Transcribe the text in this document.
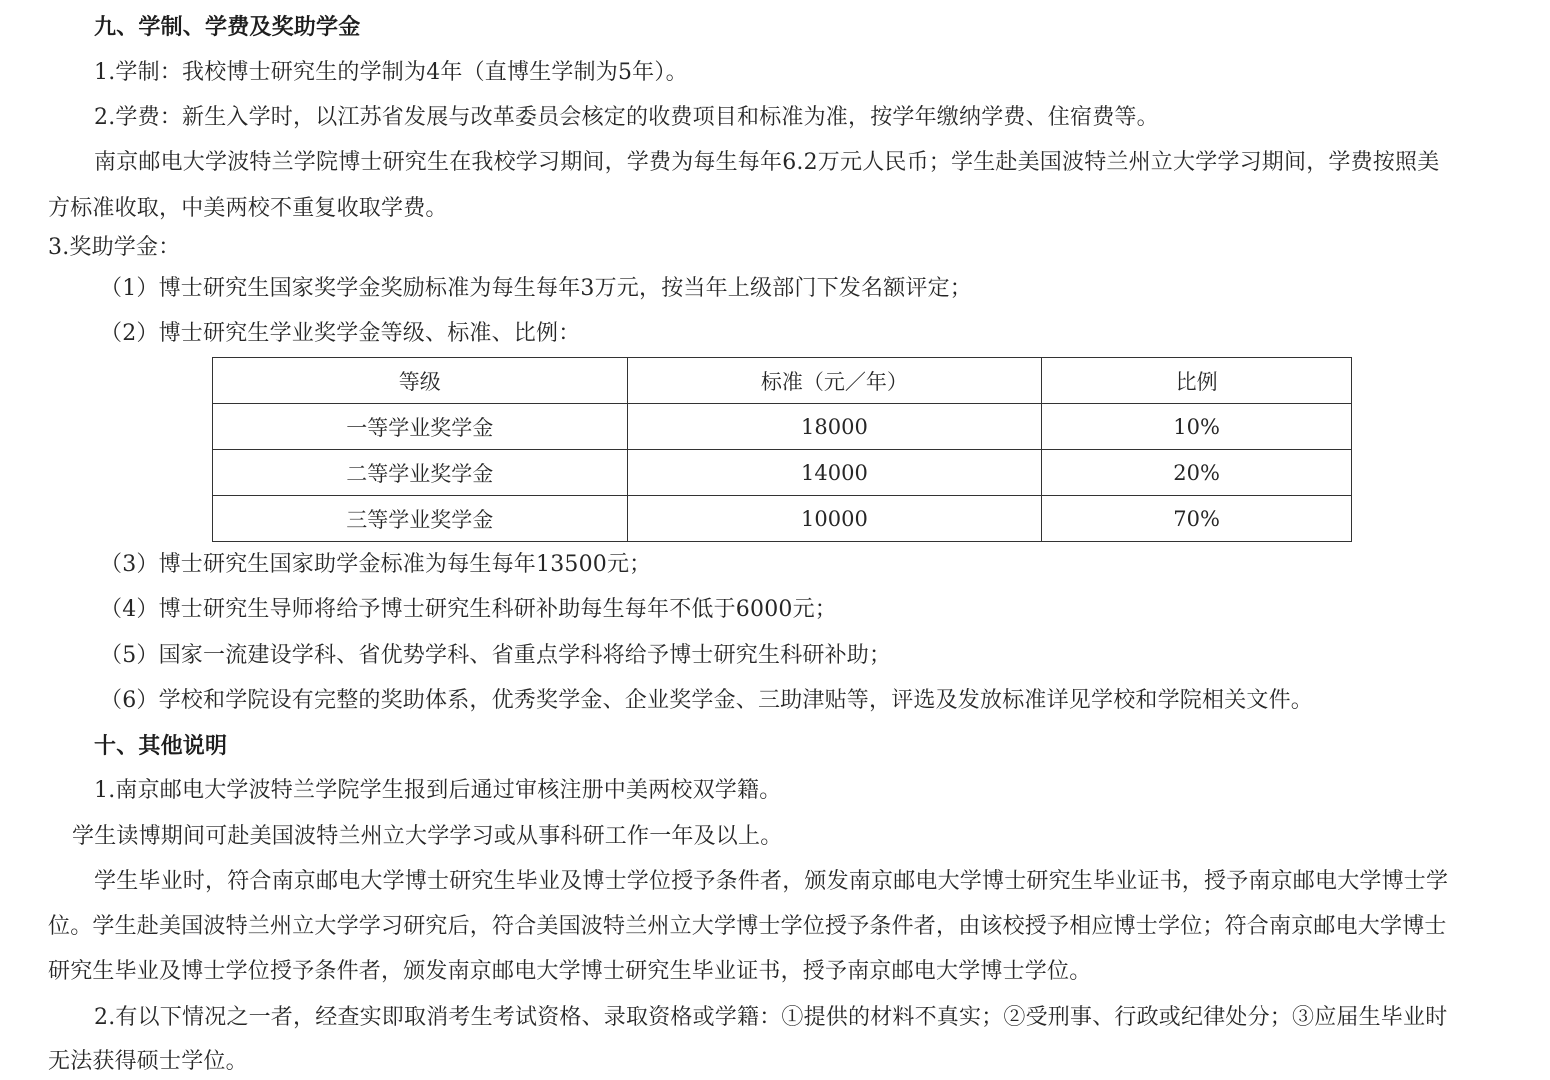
九、学制、学费及奖助学金
1.学制：我校博士研究生的学制为4年（直博生学制为5年）。
2.学费：新生入学时，以江苏省发展与改革委员会核定的收费项目和标准为准，按学年缴纳学费、住宿费等。
南京邮电大学波特兰学院博士研究生在我校学习期间，学费为每生每年6.2万元人民币；学生赴美国波特兰州立大学学习期间，学费按照美
方标准收取，中美两校不重复收取学费。
3.奖助学金：
（1）博士研究生国家奖学金奖励标准为每生每年3万元，按当年上级部门下发名额评定；
（2）博士研究生学业奖学金等级、标准、比例：
等级	标准（元／年）	比例
一等学业奖学金	18000	10%
二等学业奖学金	14000	20%
三等学业奖学金	10000	70%
（3）博士研究生国家助学金标准为每生每年13500元；
（4）博士研究生导师将给予博士研究生科研补助每生每年不低于6000元；
（5）国家一流建设学科、省优势学科、省重点学科将给予博士研究生科研补助；
（6）学校和学院设有完整的奖助体系，优秀奖学金、企业奖学金、三助津贴等，评选及发放标准详见学校和学院相关文件。
十、其他说明
1.南京邮电大学波特兰学院学生报到后通过审核注册中美两校双学籍。
学生读博期间可赴美国波特兰州立大学学习或从事科研工作一年及以上。
学生毕业时，符合南京邮电大学博士研究生毕业及博士学位授予条件者，颁发南京邮电大学博士研究生毕业证书，授予南京邮电大学博士学
位。学生赴美国波特兰州立大学学习研究后，符合美国波特兰州立大学博士学位授予条件者，由该校授予相应博士学位；符合南京邮电大学博士
研究生毕业及博士学位授予条件者，颁发南京邮电大学博士研究生毕业证书，授予南京邮电大学博士学位。
2.有以下情况之一者，经查实即取消考生考试资格、录取资格或学籍：①提供的材料不真实；②受刑事、行政或纪律处分；③应届生毕业时
无法获得硕士学位。
